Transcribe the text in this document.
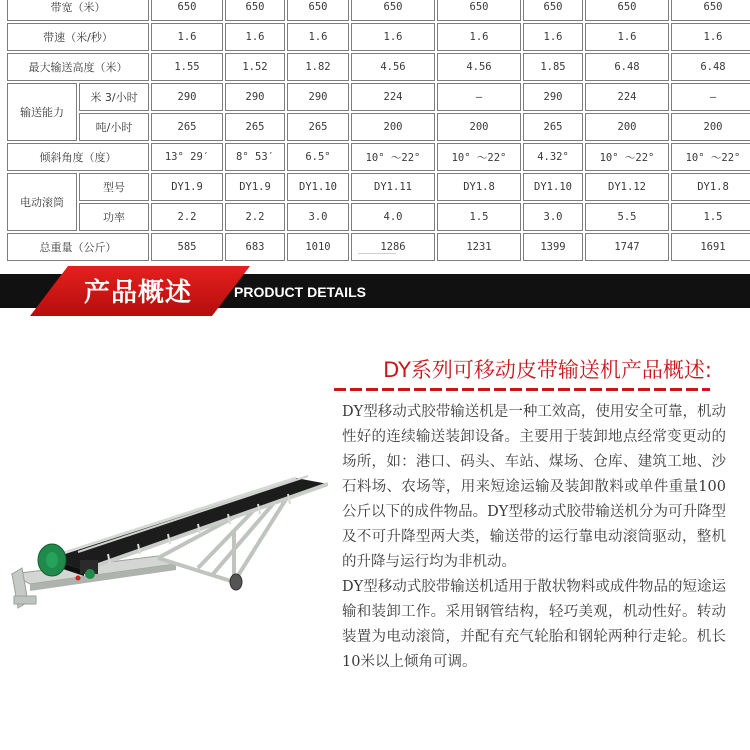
带宽（米）		650	650	650	650	650	650	650	650
带速（米/秒）		1.6	1.6	1.6	1.6	1.6	1.6	1.6	1.6
最大输送高度（米）		1.55	1.52	1.82	4.56	4.56	1.85	6.48	6.48
输送能力	米 3/小时	290	290	290	224	—	290	224	—
	吨/小时	265	265	265	200	200	265	200	200
倾斜角度（度）		13° 29′	8° 53′	6.5°	10° ～22°	10° ～22°	4.32°	10° ～22°	10° ～22°
电动滚筒	型号	DY1.9	DY1.9	DY1.10	DY1.11	DY1.8	DY1.10	DY1.12	DY1.8
	功率	2.2	2.2	3.0	4.0	1.5	3.0	5.5	1.5
总重量（公斤）		585	683	1010	1286	1231	1399	1747	1691
产品概述	PRODUCT DETAILS
DY系列可移动皮带输送机产品概述:

DY型移动式胶带输送机是一种工效高，使用安全可靠，机动性好的连续输送装卸设备。主要用于装卸地点经常变更动的场所，如：港口、码头、车站、煤场、仓库、建筑工地、沙石料场、农场等，用来短途运输及装卸散料或单件重量100公斤以下的成件物品。DY型移动式胶带输送机分为可升降型及不可升降型两大类，输送带的运行靠电动滚筒驱动，整机的升降与运行均为非机动。

DY型移动式胶带输送机适用于散状物料或成件物品的短途运输和装卸工作。采用钢管结构，轻巧美观，机动性好。转动装置为电动滚筒，并配有充气轮胎和钢轮两种行走轮。机长10米以上倾角可调。
